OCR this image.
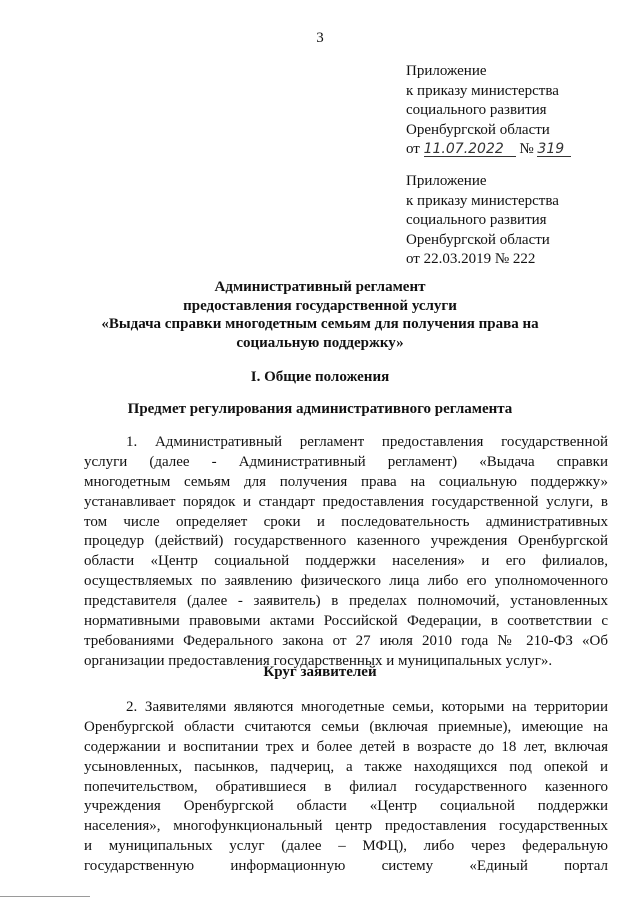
3
Приложение
к приказу министерства
социального развития
Оренбургской области
от 11.07.2022 № 319
Приложение
к приказу министерства
социального развития
Оренбургской области
от 22.03.2019 № 222
Административный регламент
предоставления государственной услуги
«Выдача справки многодетным семьям для получения права на
социальную поддержку»
I. Общие положения
Предмет регулирования административного регламента
1. Административный регламент предоставления государственной
услуги (далее - Административный регламент) «Выдача справки
многодетным семьям для получения права на социальную поддержку»
устанавливает порядок и стандарт предоставления государственной услуги, в
том числе определяет сроки и последовательность административных
процедур (действий) государственного казенного учреждения Оренбургской
области «Центр социальной поддержки населения» и его филиалов,
осуществляемых по заявлению физического лица либо его уполномоченного
представителя (далее - заявитель) в пределах полномочий, установленных
нормативными правовыми актами Российской Федерации, в соответствии с
требованиями Федерального закона от 27 июля 2010 года № 210-ФЗ «Об
организации предоставления государственных и муниципальных услуг».
Круг заявителей
2. Заявителями являются многодетные семьи, которыми на территории
Оренбургской области считаются семьи (включая приемные), имеющие на
содержании и воспитании трех и более детей в возрасте до 18 лет, включая
усыновленных, пасынков, падчериц, а также находящихся под опекой и
попечительством, обратившиеся в филиал государственного казенного
учреждения Оренбургской области «Центр социальной поддержки
населения», многофункциональный центр предоставления государственных
и муниципальных услуг (далее – МФЦ), либо через федеральную
государственную информационную систему «Единый портал
